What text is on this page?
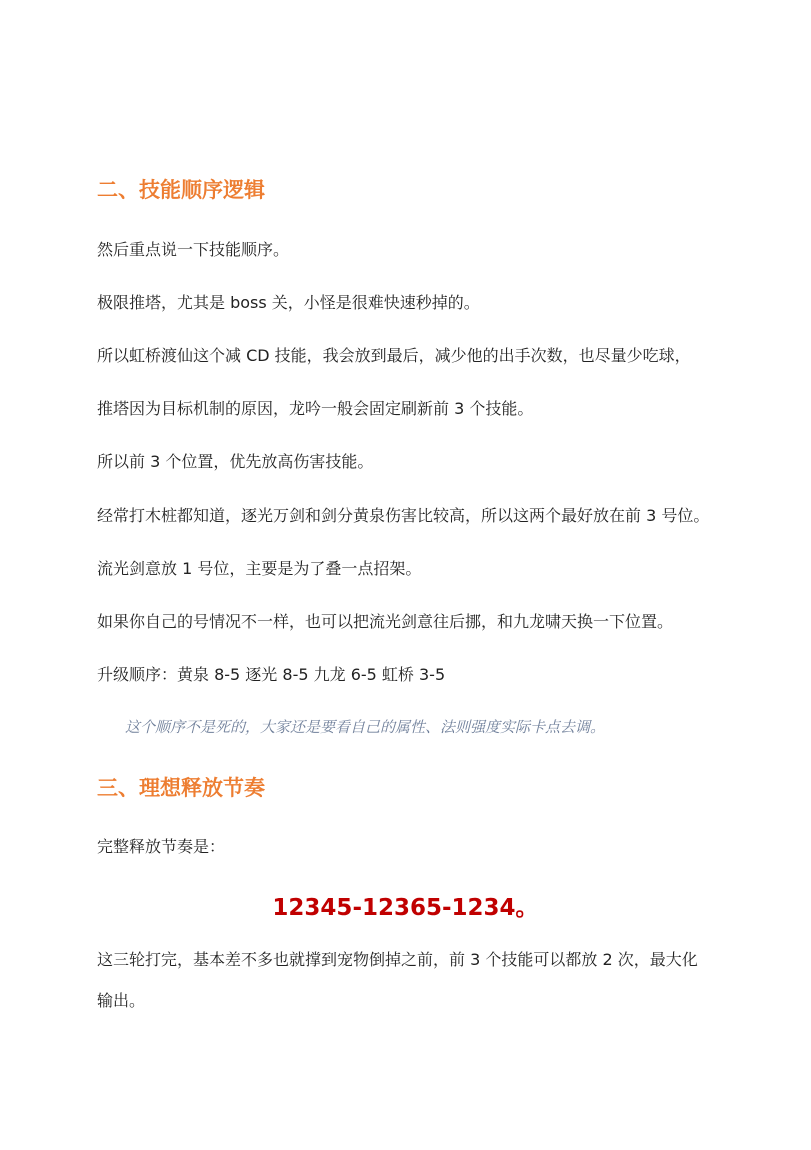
二、技能顺序逻辑
然后重点说一下技能顺序。
极限推塔，尤其是 boss 关，小怪是很难快速秒掉的。
所以虹桥渡仙这个减 CD 技能，我会放到最后，减少他的出手次数，也尽量少吃球，
推塔因为目标机制的原因，龙吟一般会固定刷新前 3 个技能。
所以前 3 个位置，优先放高伤害技能。
经常打木桩都知道，逐光万剑和剑分黄泉伤害比较高，所以这两个最好放在前 3 号位。
流光剑意放 1 号位，主要是为了叠一点招架。
如果你自己的号情况不一样，也可以把流光剑意往后挪，和九龙啸天换一下位置。
升级顺序：黄泉 8-5 逐光 8-5 九龙 6-5 虹桥 3-5
这个顺序不是死的，大家还是要看自己的属性、法则强度实际卡点去调。
三、理想释放节奏
完整释放节奏是：
12345-12365-1234。
这三轮打完，基本差不多也就撑到宠物倒掉之前，前 3 个技能可以都放 2 次，最大化
输出。
